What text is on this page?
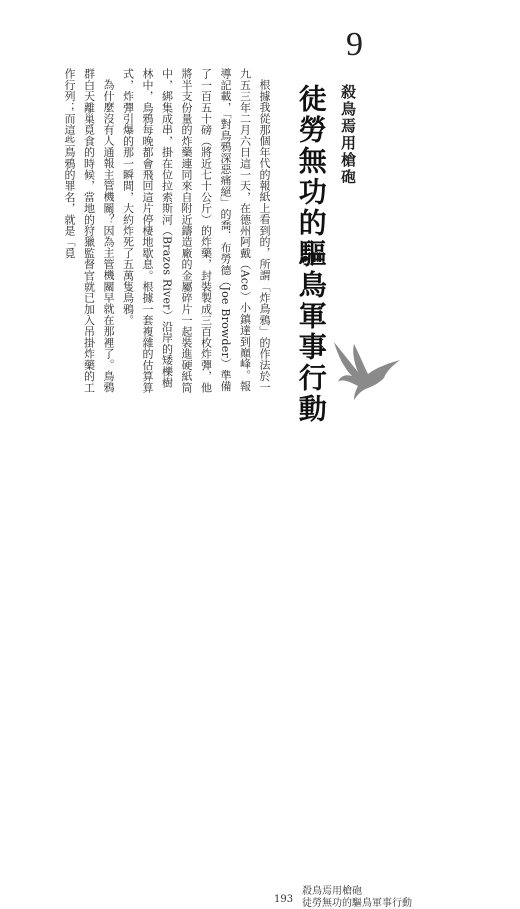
9
殺鳥焉用槍砲
徒勞無功的驅鳥軍事行動

根據我從那個年代的報紙上看到的，所謂「炸鳥鴉」的作法於一九五三年二月六日這一天，在德州阿戴（Ace）小鎮達到巔峰。報導記載，「對鳥鴉深惡痛絕」的喬．布勞德（Joe Browder）準備了一百五十磅（將近七十公斤）的炸藥，封裝製成三百枚炸彈，他將半支份量的炸藥連同來自附近鑄造廠的金屬碎片一起裝進硬紙筒中，綁集成串，掛在位拉索斯河（Brazos River）沿岸的矮櫟樹林中，鳥鴉每晚都會飛回這片停棲地歇息。根據一套複雜的估算算式，炸彈引爆的那一瞬間，大約炸死了五萬隻鳥鴉。

為什麼沒有人通報主管機關？因為主管機關早就在那裡了。鳥鴉群白天離巢覓食的時候，當地的狩獵監督官就已加入吊掛炸藥的工作行列；而這些鳥鴉的罪名，就是「覓

193
殺鳥焉用槍砲
徒勞無功的驅鳥軍事行動
